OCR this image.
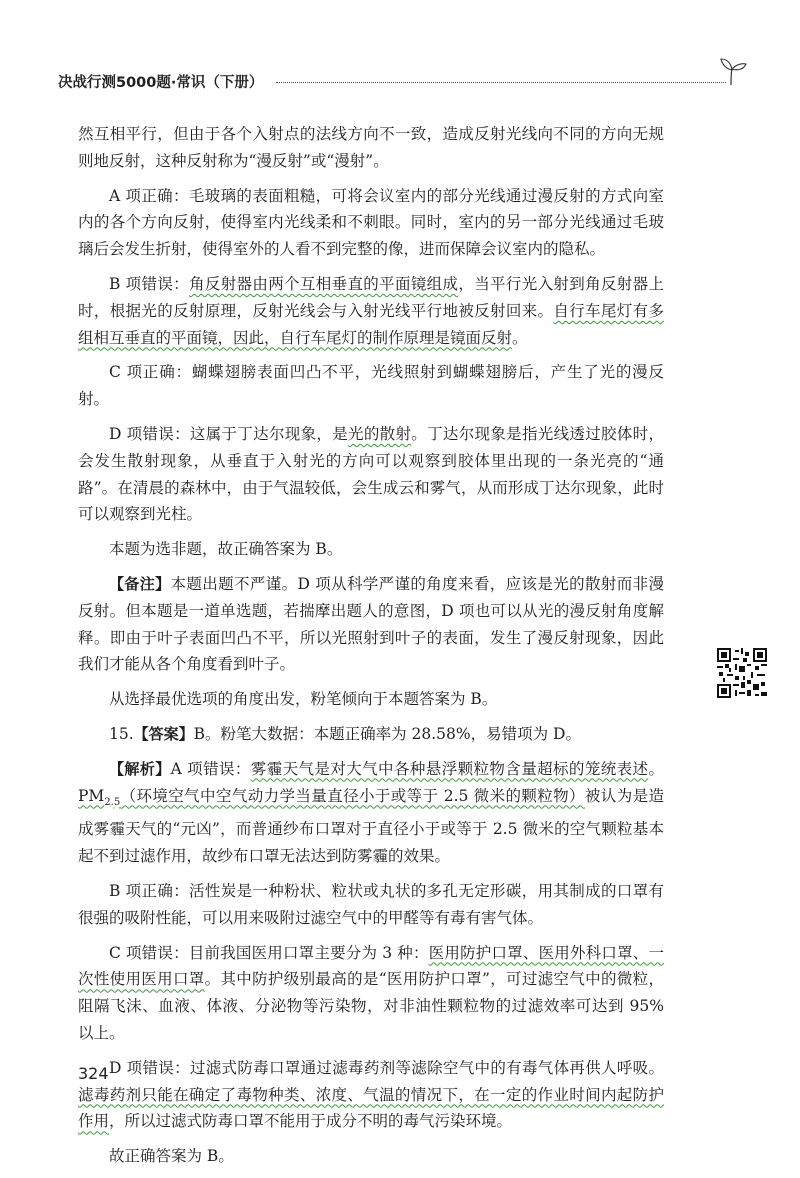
决战行测5000题·常识（下册）

然互相平行，但由于各个入射点的法线方向不一致，造成反射光线向不同的方向无规则地反射，这种反射称为“漫反射”或“漫射”。

A 项正确：毛玻璃的表面粗糙，可将会议室内的部分光线通过漫反射的方式向室内的各个方向反射，使得室内光线柔和不刺眼。同时，室内的另一部分光线通过毛玻璃后会发生折射，使得室外的人看不到完整的像，进而保障会议室内的隐私。

B 项错误：角反射器由两个互相垂直的平面镜组成，当平行光入射到角反射器上时，根据光的反射原理，反射光线会与入射光线平行地被反射回来。自行车尾灯有多组相互垂直的平面镜，因此，自行车尾灯的制作原理是镜面反射。

C 项正确：蝴蝶翅膀表面凹凸不平，光线照射到蝴蝶翅膀后，产生了光的漫反射。

D 项错误：这属于丁达尔现象，是光的散射。丁达尔现象是指光线透过胶体时，会发生散射现象，从垂直于入射光的方向可以观察到胶体里出现的一条光亮的“通路”。在清晨的森林中，由于气温较低，会生成云和雾气，从而形成丁达尔现象，此时可以观察到光柱。

本题为选非题，故正确答案为 B。

【备注】本题出题不严谨。D 项从科学严谨的角度来看，应该是光的散射而非漫反射。但本题是一道单选题，若揣摩出题人的意图，D 项也可以从光的漫反射角度解释。即由于叶子表面凹凸不平，所以光照射到叶子的表面，发生了漫反射现象，因此我们才能从各个角度看到叶子。

从选择最优选项的角度出发，粉笔倾向于本题答案为 B。

15.【答案】B。粉笔大数据：本题正确率为 28.58%，易错项为 D。

【解析】A 项错误：雾霾天气是对大气中各种悬浮颗粒物含量超标的笼统表述。$PM_{2.5}$（环境空气中空气动力学当量直径小于或等于 2.5 微米的颗粒物）被认为是造成雾霾天气的“元凶”，而普通纱布口罩对于直径小于或等于 2.5 微米的空气颗粒基本起不到过滤作用，故纱布口罩无法达到防雾霾的效果。

B 项正确：活性炭是一种粉状、粒状或丸状的多孔无定形碳，用其制成的口罩有很强的吸附性能，可以用来吸附过滤空气中的甲醛等有毒有害气体。

C 项错误：目前我国医用口罩主要分为 3 种：医用防护口罩、医用外科口罩、一次性使用医用口罩。其中防护级别最高的是“医用防护口罩”，可过滤空气中的微粒，阻隔飞沫、血液、体液、分泌物等污染物，对非油性颗粒物的过滤效率可达到 95% 以上。

D 项错误：过滤式防毒口罩通过滤毒药剂等滤除空气中的有毒气体再供人呼吸。滤毒药剂只能在确定了毒物种类、浓度、气温的情况下，在一定的作业时间内起防护作用，所以过滤式防毒口罩不能用于成分不明的毒气污染环境。

故正确答案为 B。

324
